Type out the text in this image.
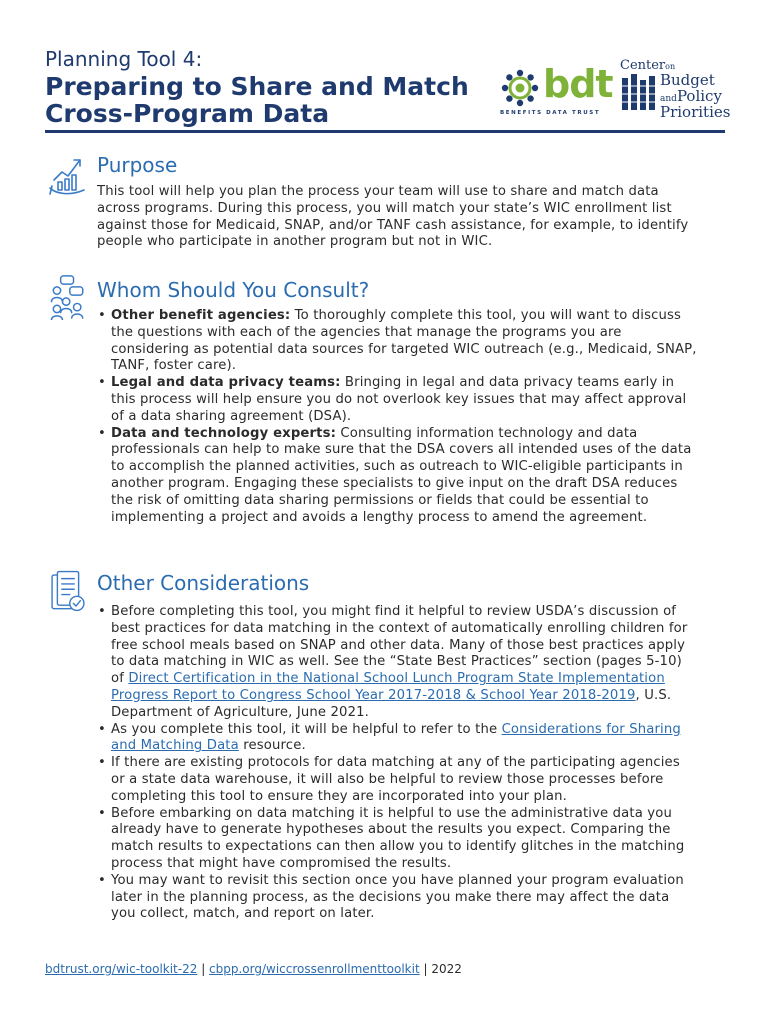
Planning Tool 4:
Preparing to Share and Match
Cross-Program Data
bdt
BENEFITS DATA TRUST
Centeron
Budget
andPolicy
Priorities
Purpose

This tool will help you plan the process your team will use to share and match data across programs. During this process, you will match your state’s WIC enrollment list against those for Medicaid, SNAP, and/or TANF cash assistance, for example, to identify people who participate in another program but not in WIC.

Whom Should You Consult?
• Other benefit agencies: To thoroughly complete this tool, you will want to discuss the questions with each of the agencies that manage the programs you are considering as potential data sources for targeted WIC outreach (e.g., Medicaid, SNAP, TANF, foster care).
• Legal and data privacy teams: Bringing in legal and data privacy teams early in this process will help ensure you do not overlook key issues that may affect approval of a data sharing agreement (DSA).
• Data and technology experts: Consulting information technology and data professionals can help to make sure that the DSA covers all intended uses of the data to accomplish the planned activities, such as outreach to WIC-eligible participants in another program. Engaging these specialists to give input on the draft DSA reduces the risk of omitting data sharing permissions or fields that could be essential to implementing a project and avoids a lengthy process to amend the agreement.
Other Considerations
• Before completing this tool, you might find it helpful to review USDA’s discussion of best practices for data matching in the context of automatically enrolling children for free school meals based on SNAP and other data. Many of those best practices apply to data matching in WIC as well. See the “State Best Practices” section (pages 5-10) of Direct Certification in the National School Lunch Program State Implementation Progress Report to Congress School Year 2017-2018 & School Year 2018-2019, U.S. Department of Agriculture, June 2021.
• As you complete this tool, it will be helpful to refer to the Considerations for Sharing and Matching Data resource.
• If there are existing protocols for data matching at any of the participating agencies or a state data warehouse, it will also be helpful to review those processes before completing this tool to ensure they are incorporated into your plan.
• Before embarking on data matching it is helpful to use the administrative data you already have to generate hypotheses about the results you expect. Comparing the match results to expectations can then allow you to identify glitches in the matching process that might have compromised the results.
• You may want to revisit this section once you have planned your program evaluation later in the planning process, as the decisions you make there may affect the data you collect, match, and report on later.
bdtrust.org/wic-toolkit-22 | cbpp.org/wiccrossenrollmenttoolkit | 2022
